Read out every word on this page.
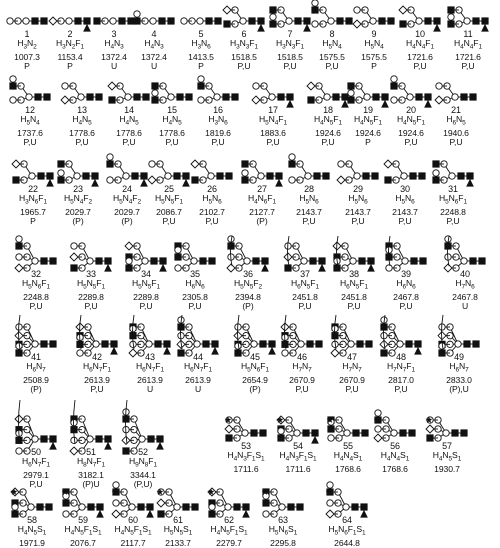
1
$H_3N_2$
1007.3
P
2
$H_3N_2F_1$
1153.4
P
3
$H_4N_3$
1372.4
U
4
$H_4N_3$
1372.4
U
5
$H_3N_6$
1413.5
P
6
$H_3N_3F_1$
1518.5
P,U
7
$H_3N_3F_1$
1518.5
P,U
8
$H_5N_4$
1575.5
P,U
9
$H_5N_4$
1575.5
P
10
$H_4N_4F_1$
1721.6
P,U
11
$H_4N_4F_1$
1721.6
P,U
12
$H_5N_4$
1737.6
P,U
13
$H_4N_5$
1778.6
P,U
14
$H_4N_5$
1778.6
P,U
15
$H_4N_5$
1778.6
P,U
16
$H_3N_6$
1819.6
P,U
17
$H_5N_4F_1$
1883.6
P,U
18
$H_4N_5F_1$
1924.6
P,U
19
$H_4N_5F_1$
1924.6
P
20
$H_4N_5F_1$
1924.6
P,U
21
$H_6N_5$
1940.6
P,U
22
$H_3N_6F_1$
1965.7
P
23
$H_5N_4F_2$
2029.7
(P)
24
$H_5N_4F_2$
2029.7
(P)
25
$H_5N_5F_1$
2086.7
P,U
26
$H_5N_6$
2102.7
P,U
27
$H_4N_6F_1$
2127.7
(P)
28
$H_5N_6$
2143.7
P,U
29
$H_5N_6$
2143.7
P,U
30
$H_5N_6$
2143.7
P,U
31
$H_5N_6F_1$
2248.8
P,U
32
$H_5N_6F_1$
2248.8
P,U
33
$H_5N_5F_1$
2289.8
P,U
34
$H_5N_5F_1$
2289.8
P,U
35
$H_6N_6$
2305.8
P,U
36
$H_5N_5F_2$
2394.8
(P)
37
$H_6N_5F_1$
2451.8
P,U
38
$H_6N_5F_1$
2451.8
P,U
39
$H_6N_6$
2467.8
P,U
40
$H_7N_6$
2467.8
U
41
$H_6N_7$
2508.9
(P)
42
$H_6N_7F_1$
2613.9
P,U
43
$H_6N_7F_1$
2613.9
U
44
$H_6N_7F_1$
2613.9
U
45
$H_5N_6F_1$
2654.9
(P)
46
$H_7N_7$
2670.9
P,U
47
$H_7N_7$
2670.9
P,U
48
$H_7N_7F_1$
2817.0
P,U
49
$H_6N_7$
2833.0
(P),U
50
$H_6N_7F_1$
2979.1
P,U
51
$H_8N_7F_1$
3182.1
(P)U
52
$H_9N_8F_1$
3344.1
(P,U)
53
$H_4N_3F_1S_1$
1711.6
54
$H_4N_3F_1S_1$
1711.6
55
$H_4N_4S_1$
1768.6
56
$H_4N_4S_1$
1768.6
57
$H_4N_5S_1$
1930.7
58
$H_4N_5S_1$
1971.9
59
$H_4N_5F_1S_1$
2076.7
60
$H_4N_5F_1S_1$
2117.7
61
$H_5N_5S_1$
2133.7
62
$H_4N_5F_1S_1$
2279.7
63
$H_5N_6S_1$
2295.8
64
$H_5N_6F_1S_1$
2644.8
